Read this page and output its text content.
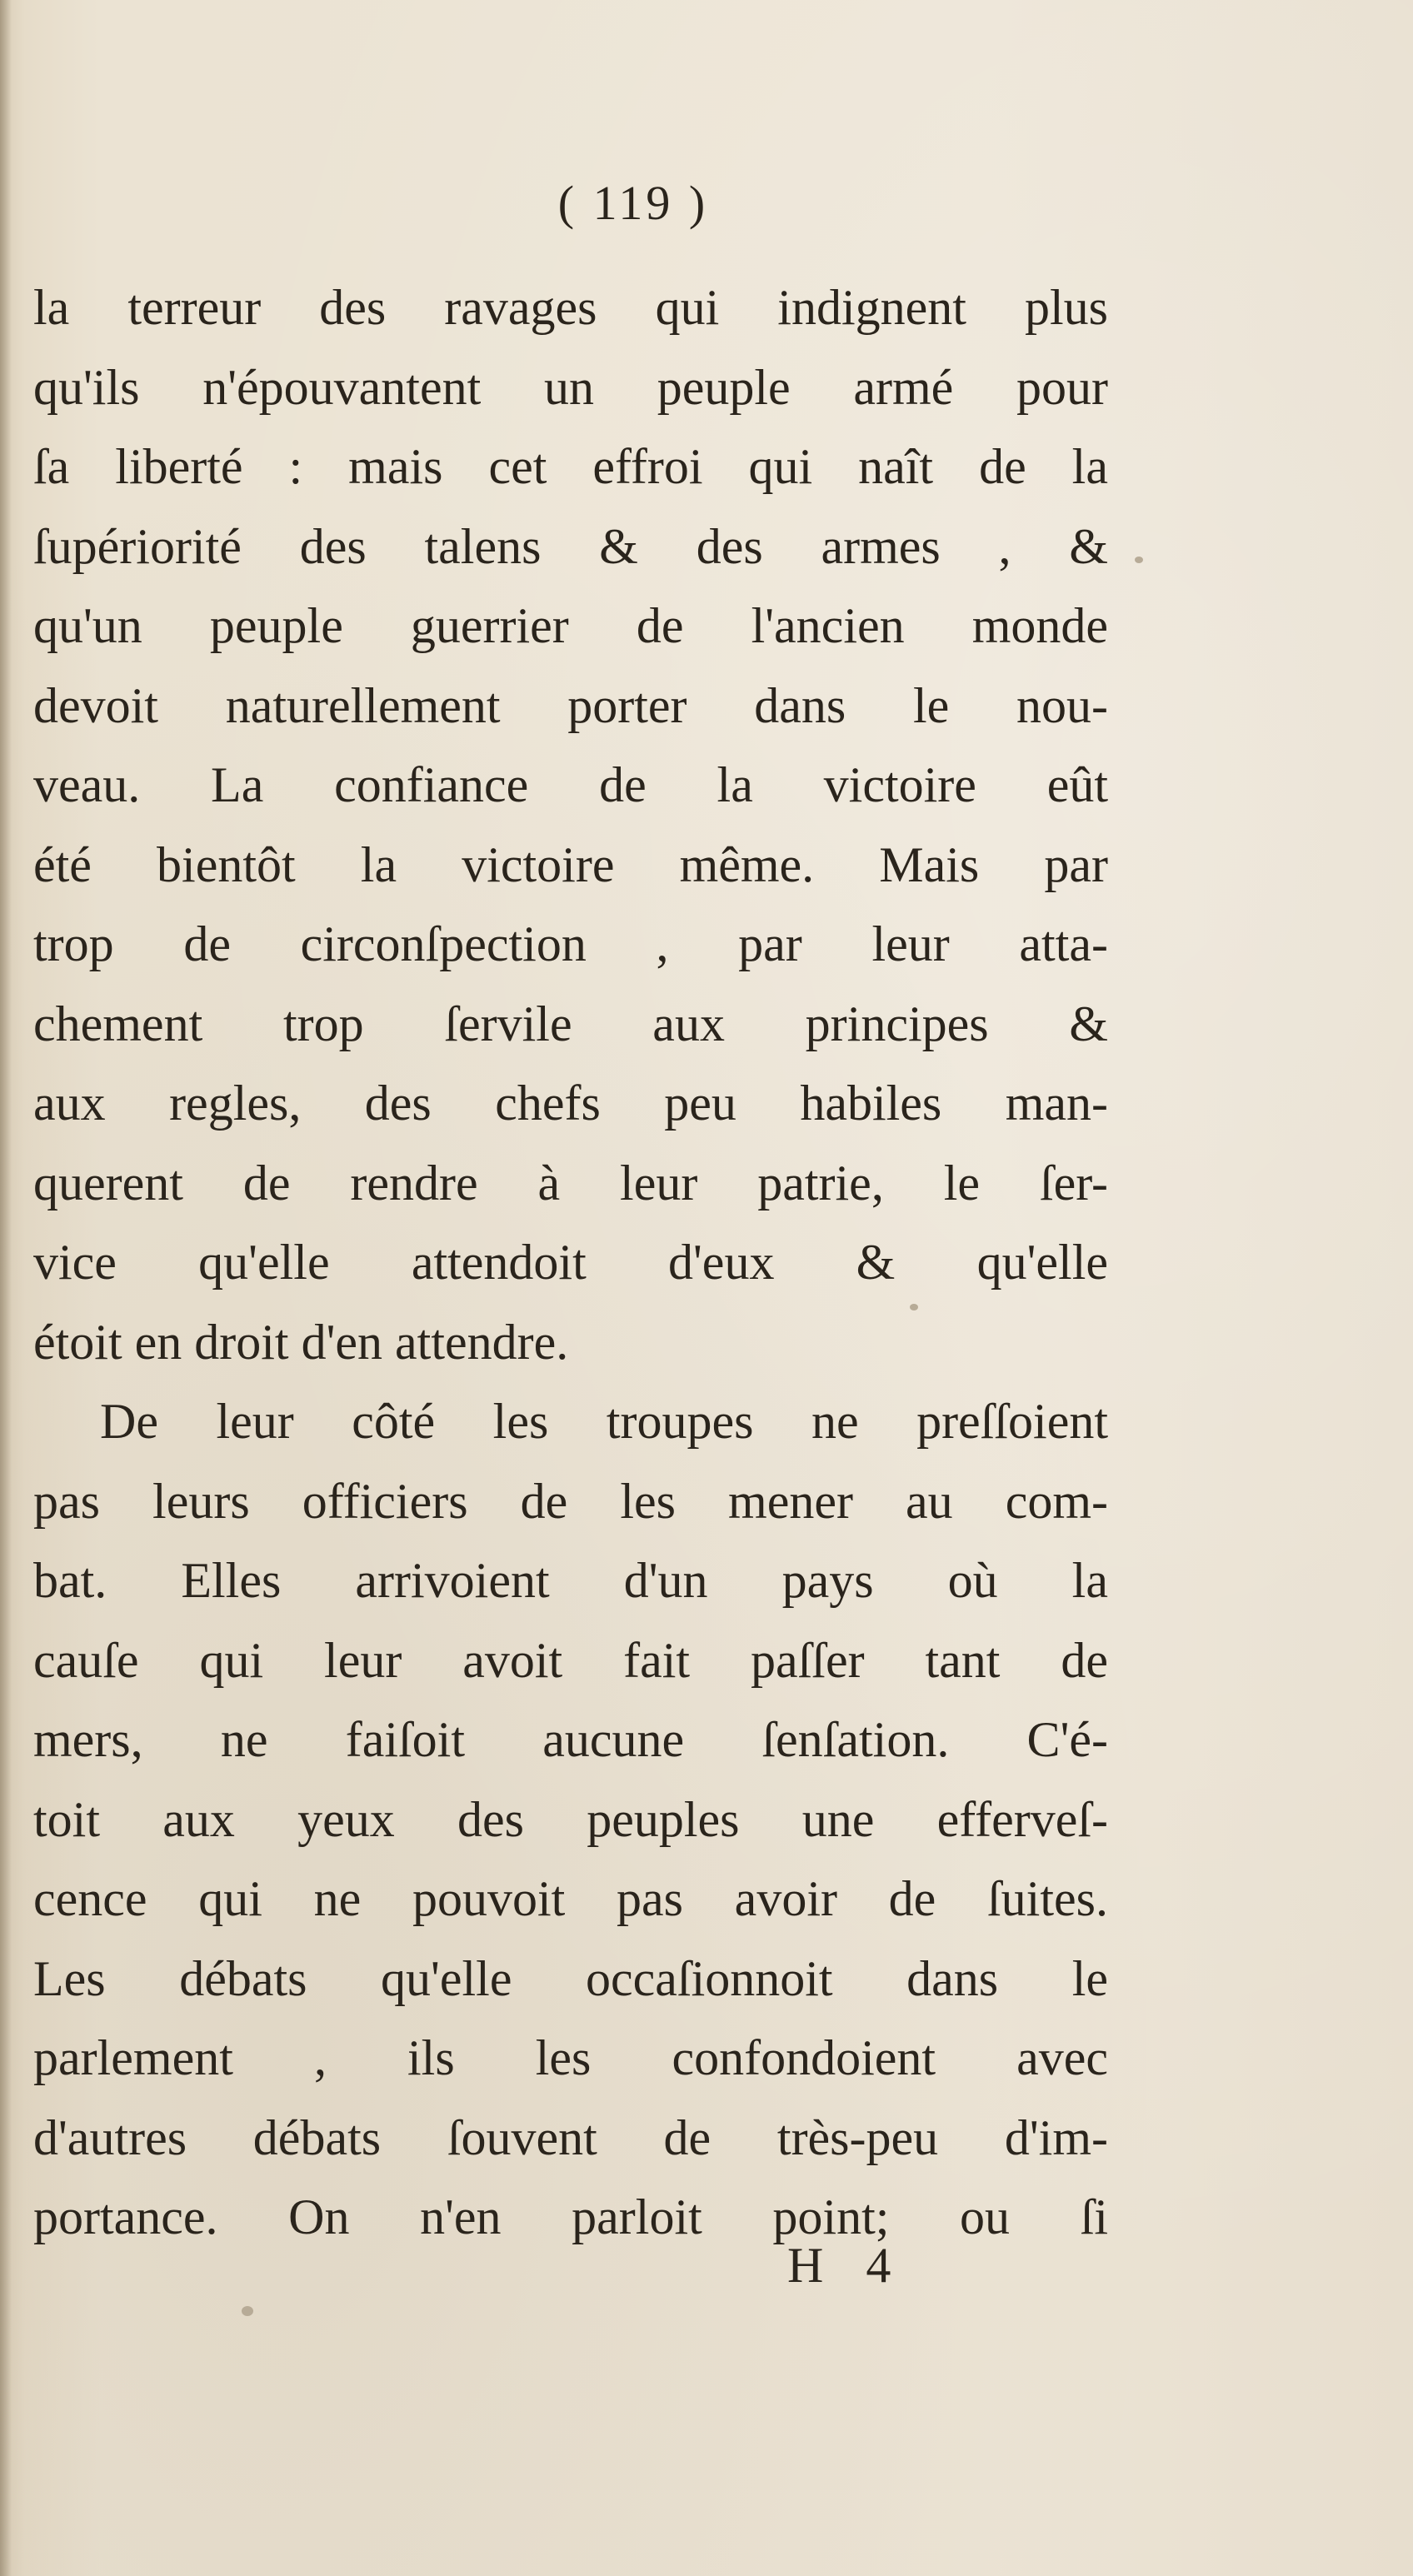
( 119 )
la terreur des ravages qui indignent plus
qu'ils n'épouvantent un peuple armé pour
ſa liberté : mais cet effroi qui naît de la
ſupériorité des talens & des armes , &
qu'un peuple guerrier de l'ancien monde
devoit naturellement porter dans le nou-
veau. La confiance de la victoire eût
été bientôt la victoire même. Mais par
trop de circonſpection , par leur atta-
chement trop ſervile aux principes &
aux regles, des chefs peu habiles man-
querent de rendre à leur patrie, le ſer-
vice qu'elle attendoit d'eux & qu'elle
étoit en droit d'en attendre.
De leur côté les troupes ne preſſoient
pas leurs officiers de les mener au com-
bat. Elles arrivoient d'un pays où la
cauſe qui leur avoit fait paſſer tant de
mers, ne faiſoit aucune ſenſation. C'é-
toit aux yeux des peuples une efferveſ-
cence qui ne pouvoit pas avoir de ſuites.
Les débats qu'elle occaſionnoit dans le
parlement , ils les confondoient avec
d'autres débats ſouvent de très-peu d'im-
portance. On n'en parloit point; ou ſi
H 4
